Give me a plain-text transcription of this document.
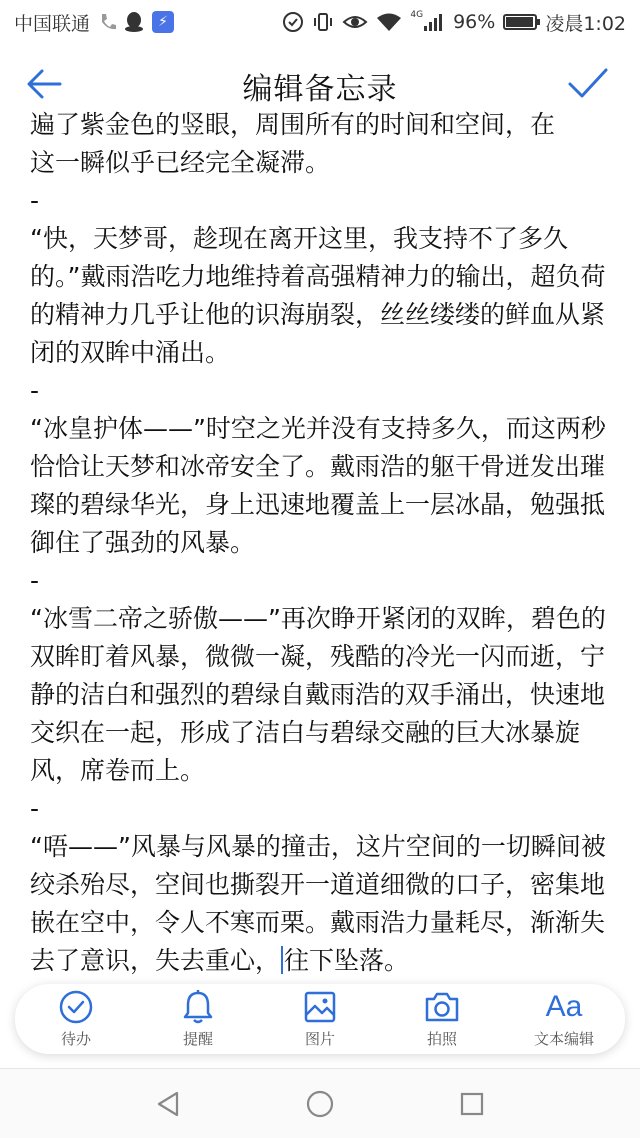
中国联通	⚡	4G 96%	凌晨1:02
编辑备忘录
遍了紫金色的竖眼，周围所有的时间和空间，在
这一瞬似乎已经完全凝滞。
-
“快，天梦哥，趁现在离开这里，我支持不了多久的。”戴雨浩吃力地维持着高强精神力的输出，超负荷的精神力几乎让他的识海崩裂，丝丝缕缕的鲜血从紧闭的双眸中涌出。
-
“冰皇护体——”时空之光并没有支持多久，而这两秒恰恰让天梦和冰帝安全了。戴雨浩的躯干骨迸发出璀璨的碧绿华光，身上迅速地覆盖上一层冰晶，勉强抵御住了强劲的风暴。
-
“冰雪二帝之骄傲——”再次睁开紧闭的双眸，碧色的双眸盯着风暴，微微一凝，残酷的冷光一闪而逝，宁静的洁白和强烈的碧绿自戴雨浩的双手涌出，快速地交织在一起，形成了洁白与碧绿交融的巨大冰暴旋风，席卷而上。
-
“唔——”风暴与风暴的撞击，这片空间的一切瞬间被绞杀殆尽，空间也撕裂开一道道细微的口子，密集地嵌在空中，令人不寒而栗。戴雨浩力量耗尽，渐渐失去了意识，失去重心， 往下坠落。
待办	提醒	图片	拍照
Aa
文本编辑
